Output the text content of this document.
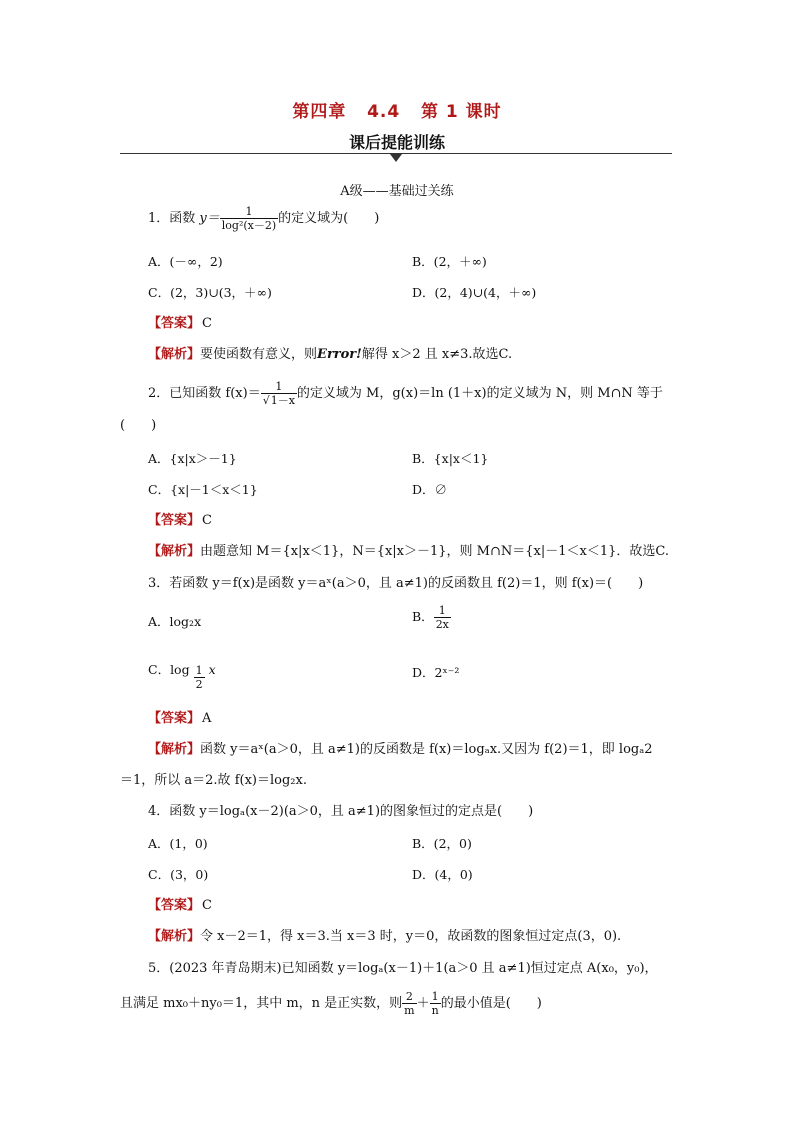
第四章   4.4   第 1 课时
课后提能训练
A级——基础过关练
1．函数 $y= \frac{1}{\text{log²(x－2)}}$ 的定义域为(　　)
A．(－∞，2)	B．(2，＋∞)
C．(2，3)∪(3，＋∞)	D．(2，4)∪(4，＋∞)
【答案】 C
【解析】要使函数有意义，则Error!解得 x＞2 且 x≠3.故选C.
2．已知函数 $f(x)= \frac{1}{√1-x}$ 的定义域为 M，g(x)＝ln (1＋x)的定义域为 N，则 M∩N 等于
(　　)
A．{x|x＞－1}	B．{x|x＜1}
C．{x|－1＜x＜1}	D．∅
【答案】 C
【解析】由题意知 M＝{x|x＜1}，N＝{x|x＞－1}，则 M∩N＝{x|－1＜x＜1}．故选C.
3．若函数 y＝f(x)是函数 y＝aˣ(a＞0，且 a≠1)的反函数且 f(2)＝1，则 f(x)＝(　　)
A．log₂x	B． $\frac{1}{2x}$
C．$\log \frac{1}{2}$ x	D．2ˣ⁻²
【答案】 A
【解析】函数 y＝aˣ(a＞0，且 a≠1)的反函数是 f(x)＝logₐx.又因为 f(2)＝1，即 logₐ2
＝1，所以 a＝2.故 f(x)＝log₂x.
4．函数 y＝logₐ(x－2)(a＞0，且 a≠1)的图象恒过的定点是(　　)
A．(1，0)	B．(2，0)
C．(3，0)	D．(4，0)
【答案】 C
【解析】令 x－2＝1，得 x＝3.当 x＝3 时，y＝0，故函数的图象恒过定点(3，0).
5．(2023 年青岛期末)已知函数 y＝logₐ(x－1)＋1(a＞0 且 a≠1)恒过定点 A(x₀，y₀)，
且满足 mx₀＋ny₀＝1，其中 m，n 是正实数，则 $\frac{2}{m} + \frac{1}{n}$ 的最小值是(　　)
